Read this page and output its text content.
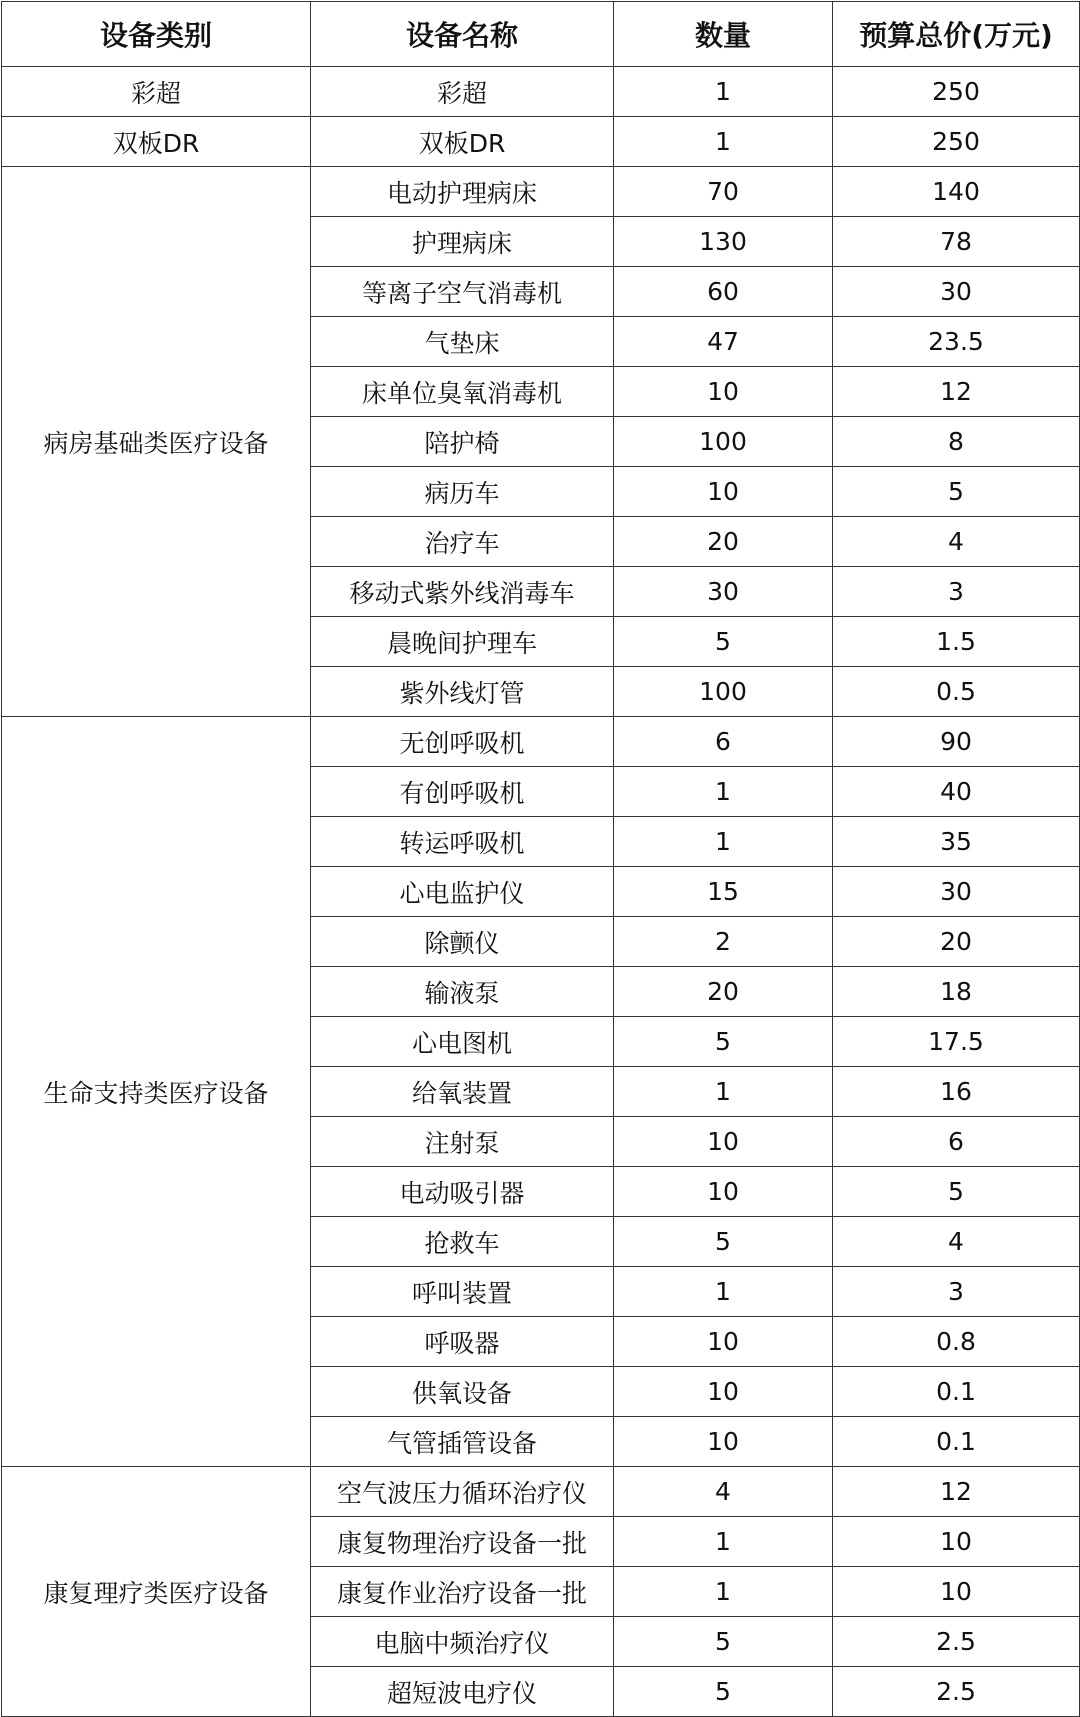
设备类别	设备名称	数量	预算总价(万元)
彩超	彩超	1	250
双板DR	双板DR	1	250
病房基础类医疗设备	电动护理病床	70	140
	护理病床	130	78
	等离子空气消毒机	60	30
	气垫床	47	23.5
	床单位臭氧消毒机	10	12
	陪护椅	100	8
	病历车	10	5
	治疗车	20	4
	移动式紫外线消毒车	30	3
	晨晚间护理车	5	1.5
	紫外线灯管	100	0.5
生命支持类医疗设备	无创呼吸机	6	90
	有创呼吸机	1	40
	转运呼吸机	1	35
	心电监护仪	15	30
	除颤仪	2	20
	输液泵	20	18
	心电图机	5	17.5
	给氧装置	1	16
	注射泵	10	6
	电动吸引器	10	5
	抢救车	5	4
	呼叫装置	1	3
	呼吸器	10	0.8
	供氧设备	10	0.1
	气管插管设备	10	0.1
康复理疗类医疗设备	空气波压力循环治疗仪	4	12
	康复物理治疗设备一批	1	10
	康复作业治疗设备一批	1	10
	电脑中频治疗仪	5	2.5
	超短波电疗仪	5	2.5
